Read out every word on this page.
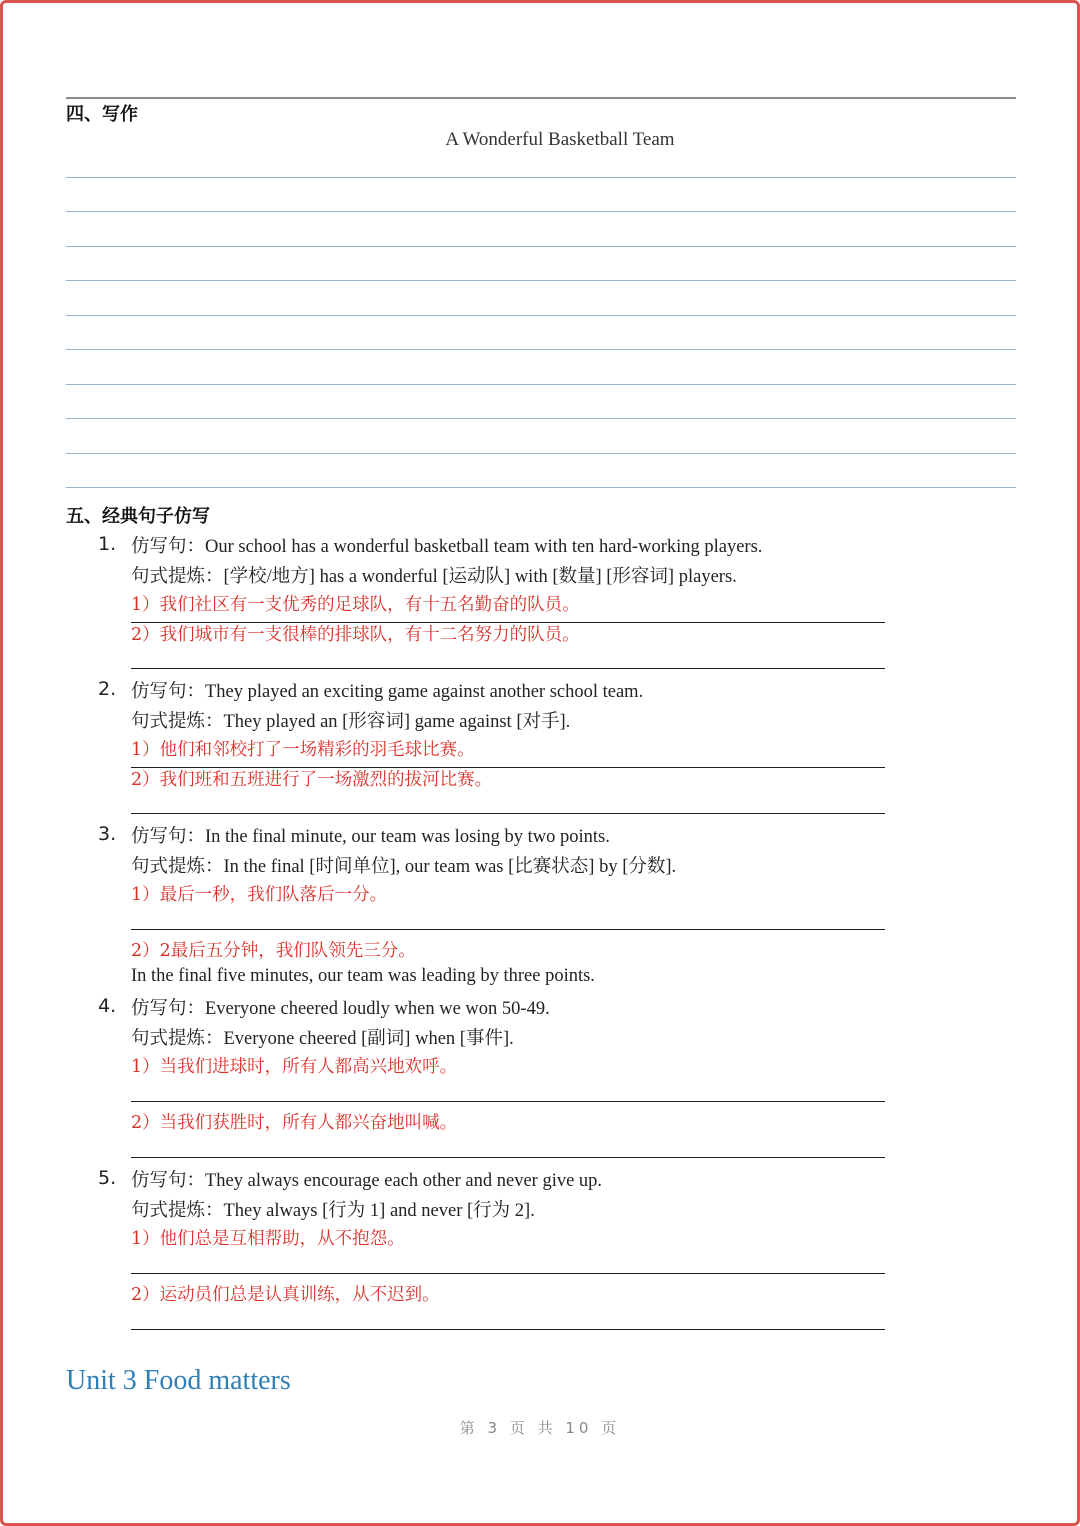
四、写作
A Wonderful Basketball Team
五、经典句子仿写
1. 仿写句：Our school has a wonderful basketball team with ten hard-working players.
句式提炼：[学校/地方] has a wonderful [运动队] with [数量] [形容词] players.
1）我们社区有一支优秀的足球队，有十五名勤奋的队员。
2）我们城市有一支很棒的排球队，有十二名努力的队员。
2. 仿写句：They played an exciting game against another school team.
句式提炼：They played an [形容词] game against [对手].
1）他们和邻校打了一场精彩的羽毛球比赛。
2）我们班和五班进行了一场激烈的拔河比赛。
3. 仿写句：In the final minute, our team was losing by two points.
句式提炼：In the final [时间单位], our team was [比赛状态] by [分数].
1）最后一秒，我们队落后一分。
2）2最后五分钟，我们队领先三分。
In the final five minutes, our team was leading by three points.
4. 仿写句：Everyone cheered loudly when we won 50-49.
句式提炼：Everyone cheered [副词] when [事件].
1）当我们进球时，所有人都高兴地欢呼。
2）当我们获胜时，所有人都兴奋地叫喊。
5. 仿写句：They always encourage each other and never give up.
句式提炼：They always [行为 1] and never [行为 2].
1）他们总是互相帮助，从不抱怨。
2）运动员们总是认真训练，从不迟到。
Unit 3 Food matters
第 3 页 共 10 页
